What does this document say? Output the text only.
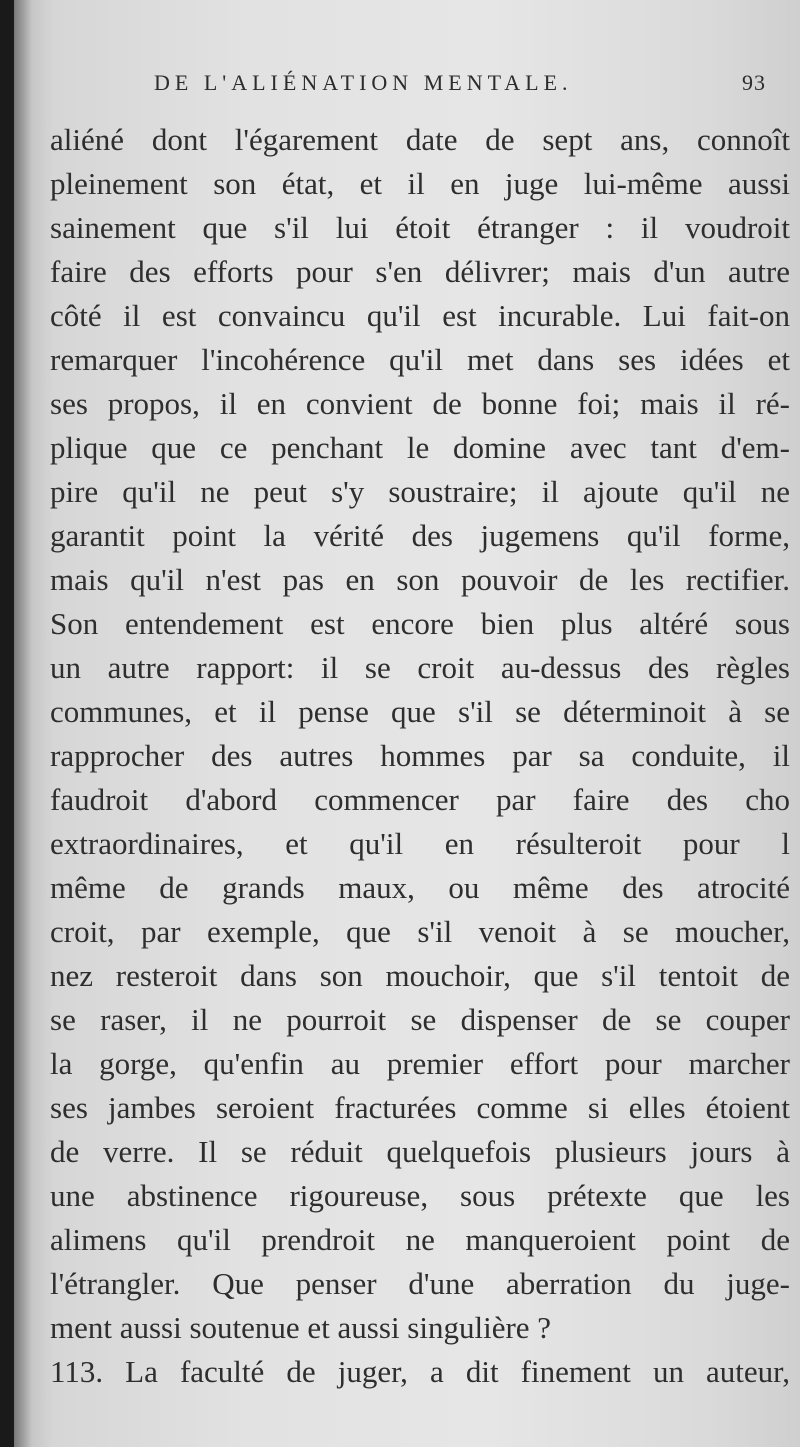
DE L'ALIÉNATION MENTALE.	93
aliéné dont l'égarement date de sept ans, connoît
pleinement son état, et il en juge lui-même aussi
sainement que s'il lui étoit étranger : il voudroit
faire des efforts pour s'en délivrer; mais d'un autre
côté il est convaincu qu'il est incurable. Lui fait-on
remarquer l'incohérence qu'il met dans ses idées et
ses propos, il en convient de bonne foi; mais il ré-
plique que ce penchant le domine avec tant d'em-
pire qu'il ne peut s'y soustraire; il ajoute qu'il ne
garantit point la vérité des jugemens qu'il forme,
mais qu'il n'est pas en son pouvoir de les rectifier.
Son entendement est encore bien plus altéré sous
un autre rapport: il se croit au-dessus des règles
communes, et il pense que s'il se déterminoit à se
rapprocher des autres hommes par sa conduite, il
faudroit d'abord commencer par faire des cho
extraordinaires, et qu'il en résulteroit pour l
même de grands maux, ou même des atrocité
croit, par exemple, que s'il venoit à se moucher,
nez resteroit dans son mouchoir, que s'il tentoit de
se raser, il ne pourroit se dispenser de se couper
la gorge, qu'enfin au premier effort pour marcher
ses jambes seroient fracturées comme si elles étoient
de verre. Il se réduit quelquefois plusieurs jours à
une abstinence rigoureuse, sous prétexte que les
alimens qu'il prendroit ne manqueroient point de
l'étrangler. Que penser d'une aberration du juge-
ment aussi soutenue et aussi singulière ?
113. La faculté de juger, a dit finement un auteur,
